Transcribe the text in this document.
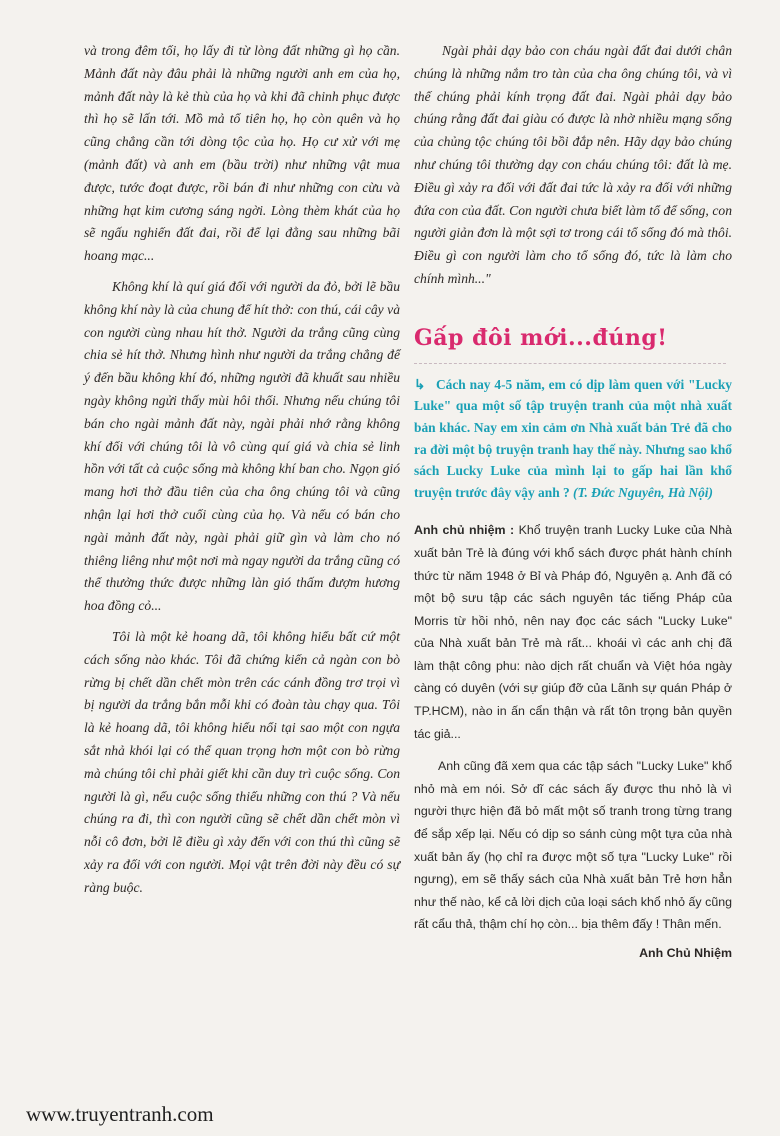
và trong đêm tối, họ lấy đi từ lòng đất những gì họ cần. Mảnh đất này đâu phải là những người anh em của họ, mảnh đất này là kẻ thù của họ và khi đã chinh phục được thì họ sẽ lấn tới. Mồ mả tổ tiên họ, họ còn quên và họ cũng chẳng cần tới dòng tộc của họ. Họ cư xử với mẹ (mảnh đất) và anh em (bầu trời) như những vật mua được, tước đoạt được, rồi bán đi như những con cừu và những hạt kim cương sáng ngời. Lòng thèm khát của họ sẽ ngấu nghiến đất đai, rồi để lại đằng sau những bãi hoang mạc...

Không khí là quí giá đối với người da đỏ, bởi lẽ bầu không khí này là của chung để hít thở: con thú, cái cây và con người cùng nhau hít thở. Người da trắng cũng cùng chia sẻ hít thở. Nhưng hình như người da trắng chẳng để ý đến bầu không khí đó, những người đã khuất sau nhiều ngày không ngửi thấy mùi hôi thối. Nhưng nếu chúng tôi bán cho ngài mảnh đất này, ngài phải nhớ rằng không khí đối với chúng tôi là vô cùng quí giá và chia sẻ linh hồn với tất cả cuộc sống mà không khí ban cho. Ngọn gió mang hơi thở đầu tiên của cha ông chúng tôi và cũng nhận lại hơi thở cuối cùng của họ. Và nếu có bán cho ngài mảnh đất này, ngài phải giữ gìn và làm cho nó thiêng liêng như một nơi mà ngay người da trắng cũng có thể thưởng thức được những làn gió thấm đượm hương hoa đồng cỏ...

Tôi là một kẻ hoang dã, tôi không hiểu bất cứ một cách sống nào khác. Tôi đã chứng kiến cả ngàn con bò rừng bị chết dần chết mòn trên các cánh đồng trơ trọi vì bị người da trắng bắn mỗi khi có đoàn tàu chạy qua. Tôi là kẻ hoang dã, tôi không hiểu nổi tại sao một con ngựa sắt nhả khói lại có thể quan trọng hơn một con bò rừng mà chúng tôi chỉ phải giết khi cần duy trì cuộc sống. Con người là gì, nếu cuộc sống thiếu những con thú ? Và nếu chúng ra đi, thì con người cũng sẽ chết dần chết mòn vì nỗi cô đơn, bởi lẽ điều gì xảy đến với con thú thì cũng sẽ xảy ra đối với con người. Mọi vật trên đời này đều có sự ràng buộc.

Ngài phải dạy bảo con cháu ngài đất đai dưới chân chúng là những nắm tro tàn của cha ông chúng tôi, và vì thế chúng phải kính trọng đất đai. Ngài phải dạy bảo chúng rằng đất đai giàu có được là nhờ nhiều mạng sống của chủng tộc chúng tôi bồi đắp nên. Hãy dạy bảo chúng như chúng tôi thường dạy con cháu chúng tôi: đất là mẹ. Điều gì xảy ra đối với đất đai tức là xảy ra đối với những đứa con của đất. Con người chưa biết làm tổ để sống, con người giản đơn là một sợi tơ trong cái tổ sống đó mà thôi. Điều gì con người làm cho tổ sống đó, tức là làm cho chính mình..."

Gấp đôi mới...đúng!

↳ Cách nay 4-5 năm, em có dịp làm quen với "Lucky Luke" qua một số tập truyện tranh của một nhà xuất bản khác. Nay em xin cảm ơn Nhà xuất bản Trẻ đã cho ra đời một bộ truyện tranh hay thế này. Nhưng sao khổ sách Lucky Luke của mình lại to gấp hai lần khổ truyện trước đây vậy anh ? (T. Đức Nguyên, Hà Nội)

Anh chủ nhiệm : Khổ truyện tranh Lucky Luke của Nhà xuất bản Trẻ là đúng với khổ sách được phát hành chính thức từ năm 1948 ở Bỉ và Pháp đó, Nguyên ạ. Anh đã có một bộ sưu tập các sách nguyên tác tiếng Pháp của Morris từ hồi nhỏ, nên nay đọc các sách "Lucky Luke" của Nhà xuất bản Trẻ mà rất... khoái vì các anh chị đã làm thật công phu: nào dịch rất chuẩn và Việt hóa ngày càng có duyên (với sự giúp đỡ của Lãnh sự quán Pháp ở TP.HCM), nào in ấn cẩn thận và rất tôn trọng bản quyền tác giả...

Anh cũng đã xem qua các tập sách "Lucky Luke" khổ nhỏ mà em nói. Sở dĩ các sách ấy được thu nhỏ là vì người thực hiện đã bỏ mất một số tranh trong từng trang để sắp xếp lại. Nếu có dịp so sánh cùng một tựa của nhà xuất bản ấy (họ chỉ ra được một số tựa "Lucky Luke" rồi ngưng), em sẽ thấy sách của Nhà xuất bản Trẻ hơn hẳn như thế nào, kể cả lời dịch của loại sách khổ nhỏ ấy cũng rất cẩu thả, thậm chí họ còn... bịa thêm đấy ! Thân mến.

Anh Chủ Nhiệm
www.truyentranh.com
